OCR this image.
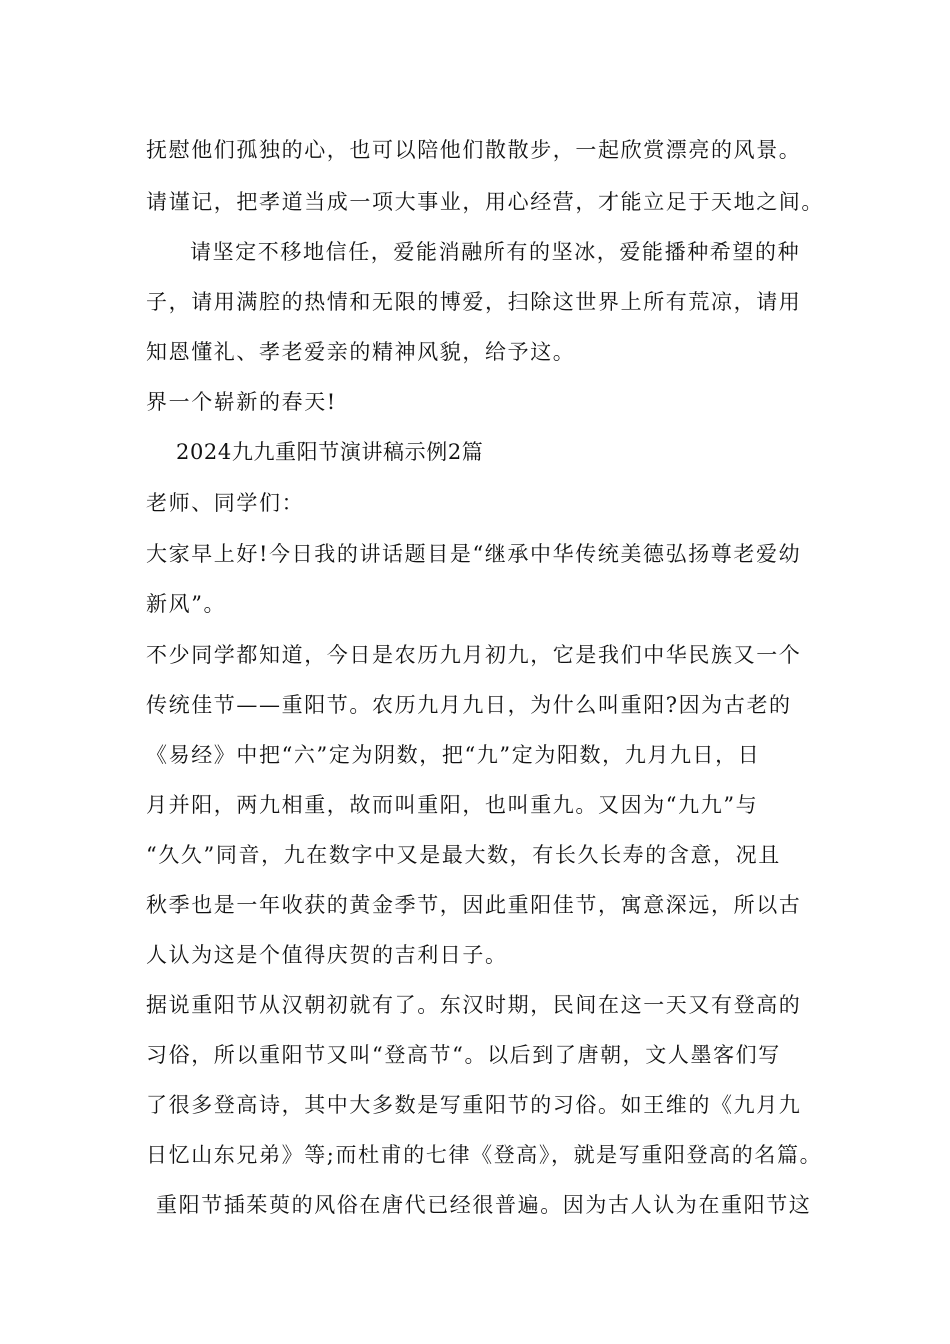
抚慰他们孤独的心，也可以陪他们散散步，一起欣赏漂亮的风景。
请谨记，把孝道当成一项大事业，用心经营，才能立足于天地之间。
请坚定不移地信任，爱能消融所有的坚冰，爱能播种希望的种
子，请用满腔的热情和无限的博爱，扫除这世界上所有荒凉，请用
知恩懂礼、孝老爱亲的精神风貌，给予这。
界一个崭新的春天!
2024九九重阳节演讲稿示例2篇
老师、同学们：
大家早上好!今日我的讲话题目是“继承中华传统美德弘扬尊老爱幼
新风”。
不少同学都知道，今日是农历九月初九，它是我们中华民族又一个
传统佳节——重阳节。农历九月九日，为什么叫重阳?因为古老的
《易经》中把“六”定为阴数，把“九”定为阳数，九月九日，日
月并阳，两九相重，故而叫重阳，也叫重九。又因为“九九”与
“久久”同音，九在数字中又是最大数，有长久长寿的含意，况且
秋季也是一年收获的黄金季节，因此重阳佳节，寓意深远，所以古
人认为这是个值得庆贺的吉利日子。
据说重阳节从汉朝初就有了。东汉时期，民间在这一天又有登高的
习俗，所以重阳节又叫“登高节“。以后到了唐朝，文人墨客们写
了很多登高诗，其中大多数是写重阳节的习俗。如王维的《九月九
日忆山东兄弟》等;而杜甫的七律《登高》，就是写重阳登高的名篇。
重阳节插茱萸的风俗在唐代已经很普遍。因为古人认为在重阳节这
